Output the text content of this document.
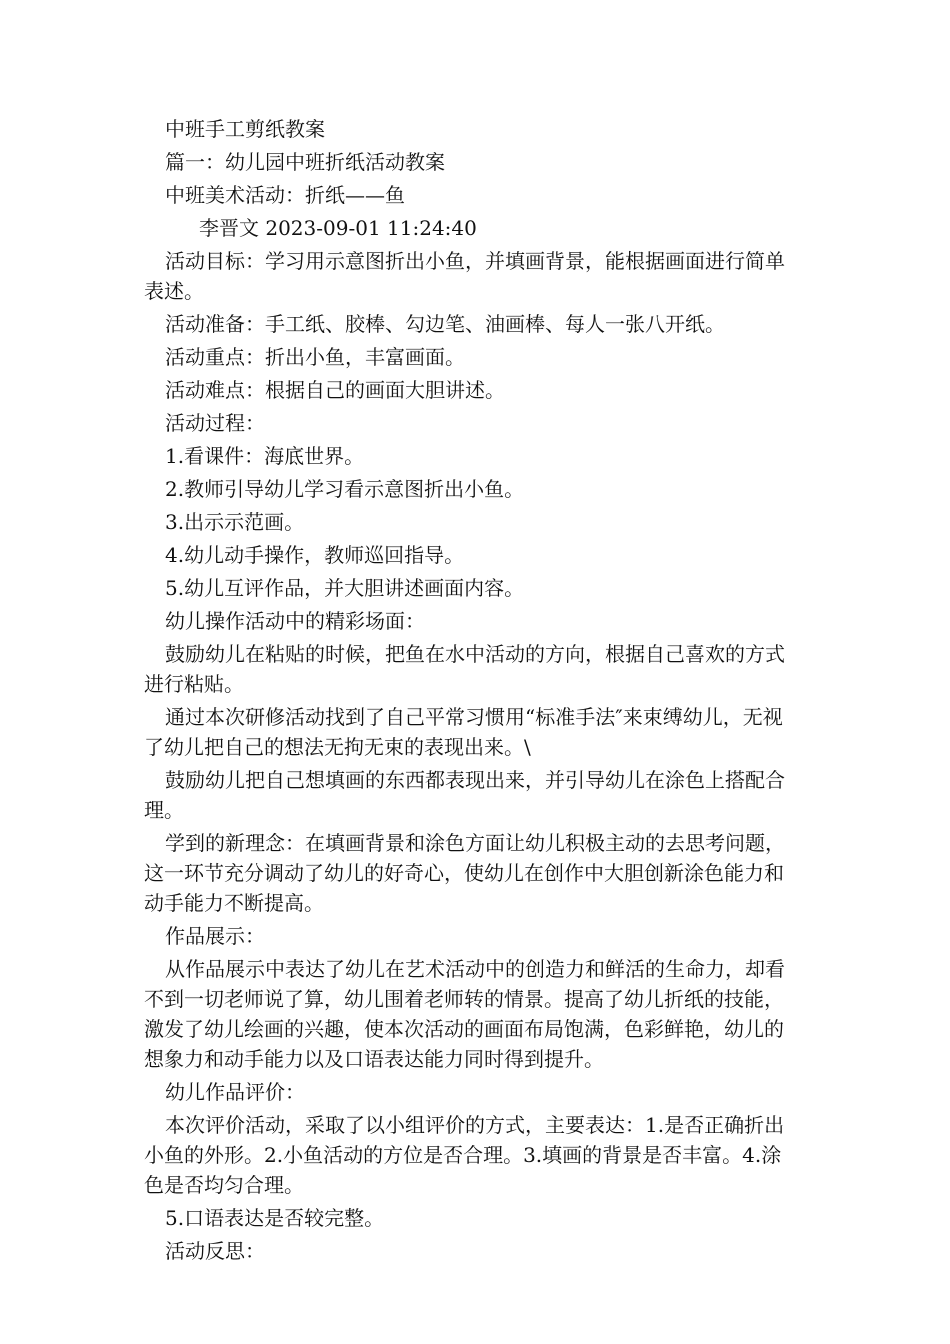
中班手工剪纸教案

篇一：幼儿园中班折纸活动教案

中班美术活动：折纸——鱼

李晋文 2023-09-01 11:24:40

活动目标：学习用示意图折出小鱼，并填画背景，能根据画面进行简单表述。

活动准备：手工纸、胶棒、勾边笔、油画棒、每人一张八开纸。

活动重点：折出小鱼，丰富画面。

活动难点：根据自己的画面大胆讲述。

活动过程：

1.看课件：海底世界。

2.教师引导幼儿学习看示意图折出小鱼。

3.出示示范画。

4.幼儿动手操作，教师巡回指导。

5.幼儿互评作品，并大胆讲述画面内容。

幼儿操作活动中的精彩场面：

鼓励幼儿在粘贴的时候，把鱼在水中活动的方向，根据自己喜欢的方式进行粘贴。

通过本次研修活动找到了自己平常习惯用“标准手法″来束缚幼儿，无视了幼儿把自己的想法无拘无束的表现出来。\

鼓励幼儿把自己想填画的东西都表现出来，并引导幼儿在涂色上搭配合理。

学到的新理念：在填画背景和涂色方面让幼儿积极主动的去思考问题，这一环节充分调动了幼儿的好奇心，使幼儿在创作中大胆创新涂色能力和动手能力不断提高。

作品展示：

从作品展示中表达了幼儿在艺术活动中的创造力和鲜活的生命力，却看不到一切老师说了算，幼儿围着老师转的情景。提高了幼儿折纸的技能，激发了幼儿绘画的兴趣，使本次活动的画面布局饱满，色彩鲜艳，幼儿的想象力和动手能力以及口语表达能力同时得到提升。

幼儿作品评价：

本次评价活动，采取了以小组评价的方式，主要表达：1.是否正确折出小鱼的外形。2.小鱼活动的方位是否合理。3.填画的背景是否丰富。4.涂色是否均匀合理。

5.口语表达是否较完整。

活动反思：
